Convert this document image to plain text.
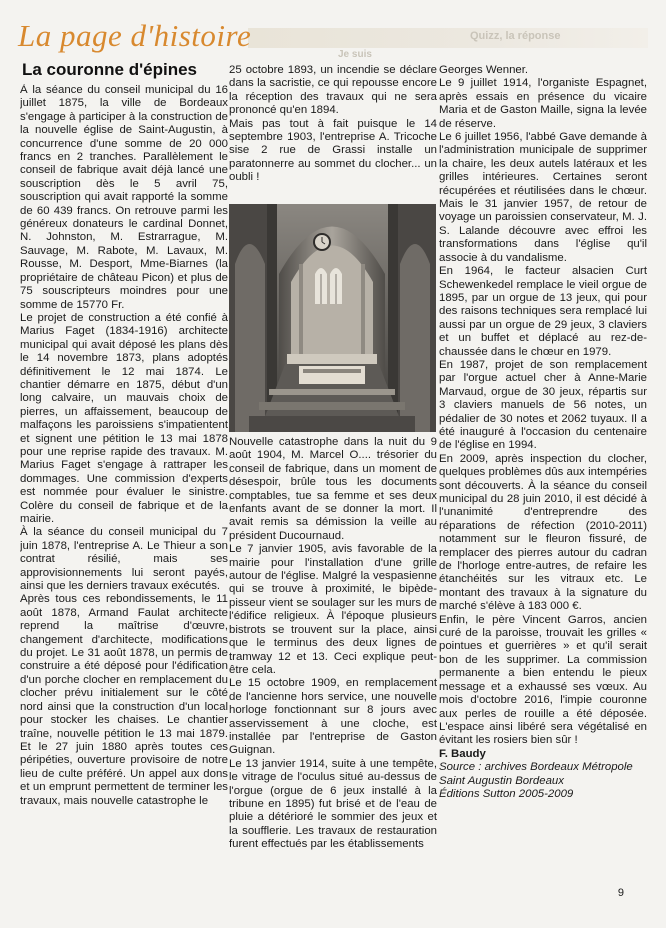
Quizz, la réponse
Je suis
La page d'histoire
La couronne d'épines

À la séance du conseil municipal du 16 juillet 1875, la ville de Bordeaux s'engage à participer à la construction de la nouvelle église de Saint-Augustin, à concurrence d'une somme de 20 000 francs en 2 tranches. Parallèlement le conseil de fabrique avait déjà lancé une souscription dès le 5 avril 75, souscription qui avait rapporté la somme de 60 439 francs. On retrouve parmi les généreux donateurs le cardinal Donnet, N. Johnston, M. Estrarrague, M. Sauvage, M. Rabote, M. Lavaux, M. Rousse, M. Desport, Mme-Biarnes (la propriétaire de château Picon) et plus de 75 souscripteurs moindres pour une somme de 15770 Fr.

Le projet de construction a été confié à Marius Faget (1834-1916) architecte municipal qui avait déposé les plans dès le 14 novembre 1873, plans adoptés définitivement le 12 mai 1874. Le chantier démarre en 1875, début d'un long calvaire, un mauvais choix de pierres, un affaissement, beaucoup de malfaçons les paroissiens s'impatientent et signent une pétition le 13 mai 1878 pour une reprise rapide des travaux. M. Marius Faget s'engage à rattraper les dommages. Une commission d'experts est nommée pour évaluer le sinistre. Colère du conseil de fabrique et de la mairie.

À la séance du conseil municipal du 7 juin 1878, l'entreprise A. Le Thieur a son contrat résilié, mais ses approvisionnements lui seront payés, ainsi que les derniers travaux exécutés.

Après tous ces rebondissements, le 11 août 1878, Armand Faulat architecte reprend la maîtrise d'œuvre, changement d'architecte, modifications du projet. Le 31 août 1878, un permis de construire a été déposé pour l'édification d'un porche clocher en remplacement du clocher prévu initialement sur le côté nord ainsi que la construction d'un local pour stocker les chaises. Le chantier traîne, nouvelle pétition le 13 mai 1879. Et le 27 juin 1880 après toutes ces péripéties, ouverture provisoire de notre lieu de culte préféré. Un appel aux dons et un emprunt permettent de terminer les travaux, mais nouvelle catastrophe le

25 octobre 1893, un incendie se déclare dans la sacristie, ce qui repousse encore la réception des travaux qui ne sera prononcé qu'en 1894.

Mais pas tout à fait puisque le 14 septembre 1903, l'entreprise A. Tricoche sise 2 rue de Grassi installe un paratonnerre au sommet du clocher... un oubli !

Nouvelle catastrophe dans la nuit du 9 août 1904, M. Marcel O.... trésorier du conseil de fabrique, dans un moment de désespoir, brûle tous les documents comptables, tue sa femme et ses deux enfants avant de se donner la mort. Il avait remis sa démission la veille au président Ducournaud.

Le 7 janvier 1905, avis favorable de la mairie pour l'installation d'une grille autour de l'église. Malgré la vespasienne qui se trouve à proximité, le bipède-pisseur vient se soulager sur les murs de l'édifice religieux. À l'époque plusieurs bistrots se trouvent sur la place, ainsi que le terminus des deux lignes de tramway 12 et 13. Ceci explique peut-être cela.

Le 15 octobre 1909, en remplacement de l'ancienne hors service, une nouvelle horloge fonctionnant sur 8 jours avec asservissement à une cloche, est installée par l'entreprise de Gaston Guignan.

Le 13 janvier 1914, suite à une tempête, le vitrage de l'oculus situé au-dessus de l'orgue (orgue de 6 jeux installé à la tribune en 1895) fut brisé et de l'eau de pluie a détérioré le sommier des jeux et la soufflerie. Les travaux de restauration furent effectués par les établissements

Georges Wenner.

Le 9 juillet 1914, l'organiste Espagnet, après essais en présence du vicaire Maria et de Gaston Maille, signa la levée de réserve.

Le 6 juillet 1956, l'abbé Gave demande à l'administration municipale de supprimer la chaire, les deux autels latéraux et les grilles intérieures. Certaines seront récupérées et réutilisées dans le chœur. Mais le 31 janvier 1957, de retour de voyage un paroissien conservateur, M. J. S. Lalande découvre avec effroi les transformations dans l'église qu'il associe à du vandalisme.

En 1964, le facteur alsacien Curt Schewenkedel remplace le vieil orgue de 1895, par un orgue de 13 jeux, qui pour des raisons techniques sera remplacé lui aussi par un orgue de 29 jeux, 3 claviers et un buffet et déplacé au rez-de-chaussée dans le chœur en 1979.

En 1987, projet de son remplacement par l'orgue actuel cher à Anne-Marie Marvaud, orgue de 30 jeux, répartis sur 3 claviers manuels de 56 notes, un pédalier de 30 notes et 2062 tuyaux. Il a été inauguré à l'occasion du centenaire de l'église en 1994.

En 2009, après inspection du clocher, quelques problèmes dûs aux intempéries sont découverts. À la séance du conseil municipal du 28 juin 2010, il est décidé à l'unanimité d'entreprendre des réparations de réfection (2010-2011) notamment sur le fleuron fissuré, de remplacer des pierres autour du cadran de l'horloge entre-autres, de refaire les étanchéités sur les vitraux etc. Le montant des travaux à la signature du marché s'élève à 183 000 €.

Enfin, le père Vincent Garros, ancien curé de la paroisse, trouvait les grilles « pointues et guerrières » et qu'il serait bon de les supprimer. La commission permanente a bien entendu le pieux message et a exhaussé ses vœux. Au mois d'octobre 2016, l'impie couronne aux perles de rouille a été déposée. L'espace ainsi libéré sera végétalisé en évitant les rosiers bien sûr !

F. Baudy

Source : archives Bordeaux Métropole

Saint Augustin Bordeaux

Éditions Sutton 2005-2009

9
